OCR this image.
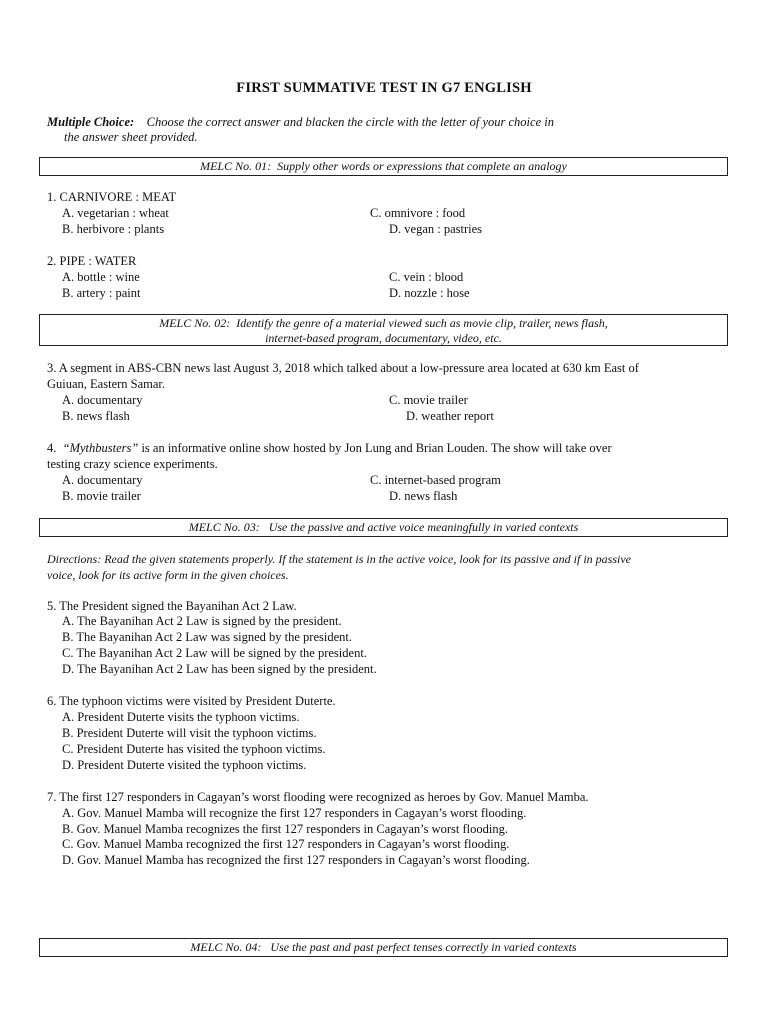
FIRST SUMMATIVE TEST IN G7 ENGLISH
Multiple Choice: Choose the correct answer and blacken the circle with the letter of your choice in
the answer sheet provided.
MELC No. 01: Supply other words or expressions that complete an analogy
1. CARNIVORE : MEAT
A. vegetarian : wheat	C. omnivore : food
B. herbivore : plants	D. vegan : pastries
2. PIPE : WATER
A. bottle : wine	C. vein : blood
B. artery : paint	D. nozzle : hose
MELC No. 02: Identify the genre of a material viewed such as movie clip, trailer, news flash,
internet-based program, documentary, video, etc.
3. A segment in ABS-CBN news last August 3, 2018 which talked about a low-pressure area located at 630 km East of
Guiuan, Eastern Samar.
A. documentary	C. movie trailer
B. news flash	D. weather report
4. “Mythbusters” is an informative online show hosted by Jon Lung and Brian Louden. The show will take over
testing crazy science experiments.
A. documentary	C. internet-based program
B. movie trailer	D. news flash
MELC No. 03: Use the passive and active voice meaningfully in varied contexts
Directions: Read the given statements properly. If the statement is in the active voice, look for its passive and if in passive
voice, look for its active form in the given choices.
5. The President signed the Bayanihan Act 2 Law.
A. The Bayanihan Act 2 Law is signed by the president.
B. The Bayanihan Act 2 Law was signed by the president.
C. The Bayanihan Act 2 Law will be signed by the president.
D. The Bayanihan Act 2 Law has been signed by the president.
6. The typhoon victims were visited by President Duterte.
A. President Duterte visits the typhoon victims.
B. President Duterte will visit the typhoon victims.
C. President Duterte has visited the typhoon victims.
D. President Duterte visited the typhoon victims.
7. The first 127 responders in Cagayan’s worst flooding were recognized as heroes by Gov. Manuel Mamba.
A. Gov. Manuel Mamba will recognize the first 127 responders in Cagayan’s worst flooding.
B. Gov. Manuel Mamba recognizes the first 127 responders in Cagayan’s worst flooding.
C. Gov. Manuel Mamba recognized the first 127 responders in Cagayan’s worst flooding.
D. Gov. Manuel Mamba has recognized the first 127 responders in Cagayan’s worst flooding.
MELC No. 04: Use the past and past perfect tenses correctly in varied contexts
